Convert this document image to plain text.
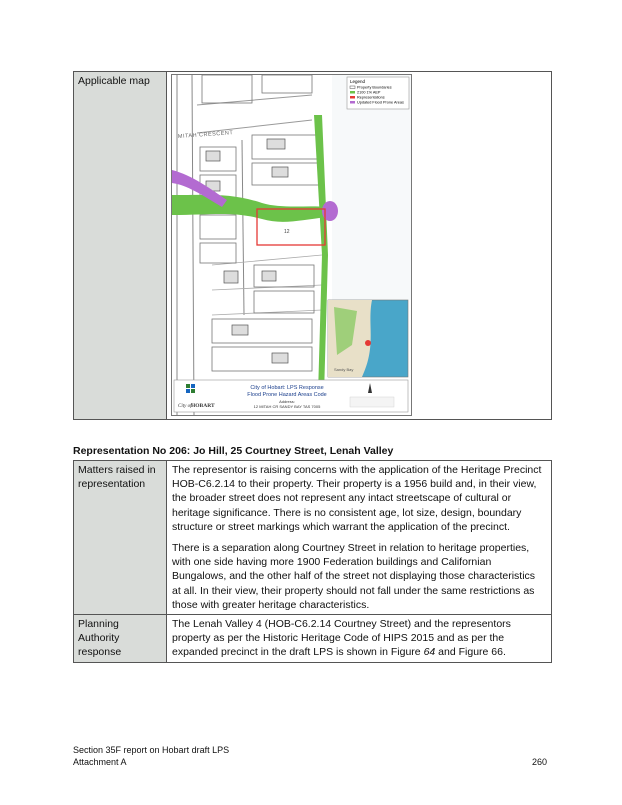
Applicable map	
12
MITAH CRESCENT
Legend
Property Boundaries
2100 1% AEP
Representations
Updated Flood Prone Areas
Sandy Bay
City of HOBART
City of Hobart: LPS Response
Flood Prone Hazard Areas Code
Address:
12 MITAH CR SANDY BAY TAS 7005
Representation No 206: Jo Hill, 25 Courtney Street, Lenah Valley
Matters raised in representation	The representor is raising concerns with the application of the Heritage Precinct HOB-C6.2.14 to their property. Their property is a 1956 build and, in their view, the broader street does not represent any intact streetscape of cultural or heritage significance. There is no consistent age, lot size, design, boundary structure or street markings which warrant the application of the precinct.

There is a separation along Courtney Street in relation to heritage properties, with one side having more 1900 Federation buildings and Californian Bungalows, and the other half of the street not displaying those characteristics at all. In their view, their property should not fall under the same restrictions as those with greater heritage characteristics.

Planning Authority response	The Lenah Valley 4 (HOB-C6.2.14 Courtney Street) and the representors property as per the Historic Heritage Code of HIPS 2015 and as per the expanded precinct in the draft LPS is shown in Figure 64 and Figure 66.

Section 35F report on Hobart draft LPS
Attachment A	260
